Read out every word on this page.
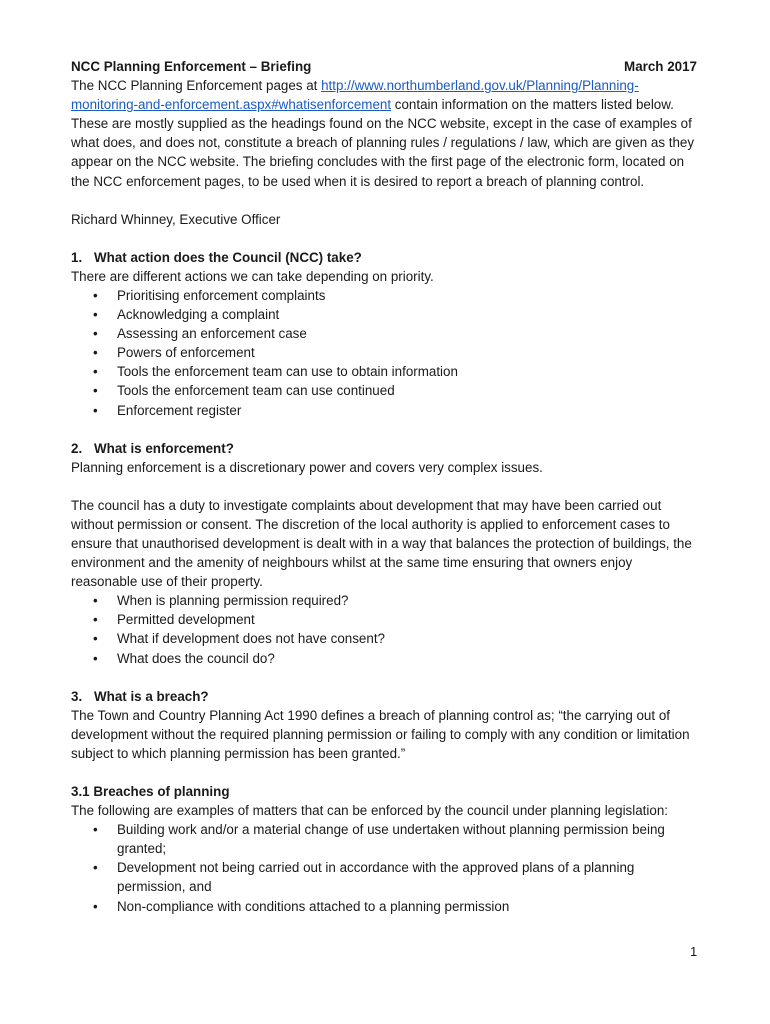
NCC Planning Enforcement – Briefing	March 2017

The NCC Planning Enforcement pages at http://www.northumberland.gov.uk/Planning/Planning-monitoring-and-enforcement.aspx#whatisenforcement contain information on the matters listed below. These are mostly supplied as the headings found on the NCC website, except in the case of examples of what does, and does not, constitute a breach of planning rules / regulations / law, which are given as they appear on the NCC website. The briefing concludes with the first page of the electronic form, located on the NCC enforcement pages, to be used when it is desired to report a breach of planning control.

Richard Whinney, Executive Officer

1. What action does the Council (NCC) take?

There are different actions we can take depending on priority.

• Prioritising enforcement complaints
• Acknowledging a complaint
• Assessing an enforcement case
• Powers of enforcement
• Tools the enforcement team can use to obtain information
• Tools the enforcement team can use continued
• Enforcement register
2. What is enforcement?

Planning enforcement is a discretionary power and covers very complex issues.

The council has a duty to investigate complaints about development that may have been carried out without permission or consent. The discretion of the local authority is applied to enforcement cases to ensure that unauthorised development is dealt with in a way that balances the protection of buildings, the environment and the amenity of neighbours whilst at the same time ensuring that owners enjoy reasonable use of their property.

• When is planning permission required?
• Permitted development
• What if development does not have consent?
• What does the council do?
3. What is a breach?

The Town and Country Planning Act 1990 defines a breach of planning control as; “the carrying out of development without the required planning permission or failing to comply with any condition or limitation subject to which planning permission has been granted.”

3.1 Breaches of planning

The following are examples of matters that can be enforced by the council under planning legislation:

• Building work and/or a material change of use undertaken without planning permission being granted;
• Development not being carried out in accordance with the approved plans of a planning permission, and
• Non-compliance with conditions attached to a planning permission
1
